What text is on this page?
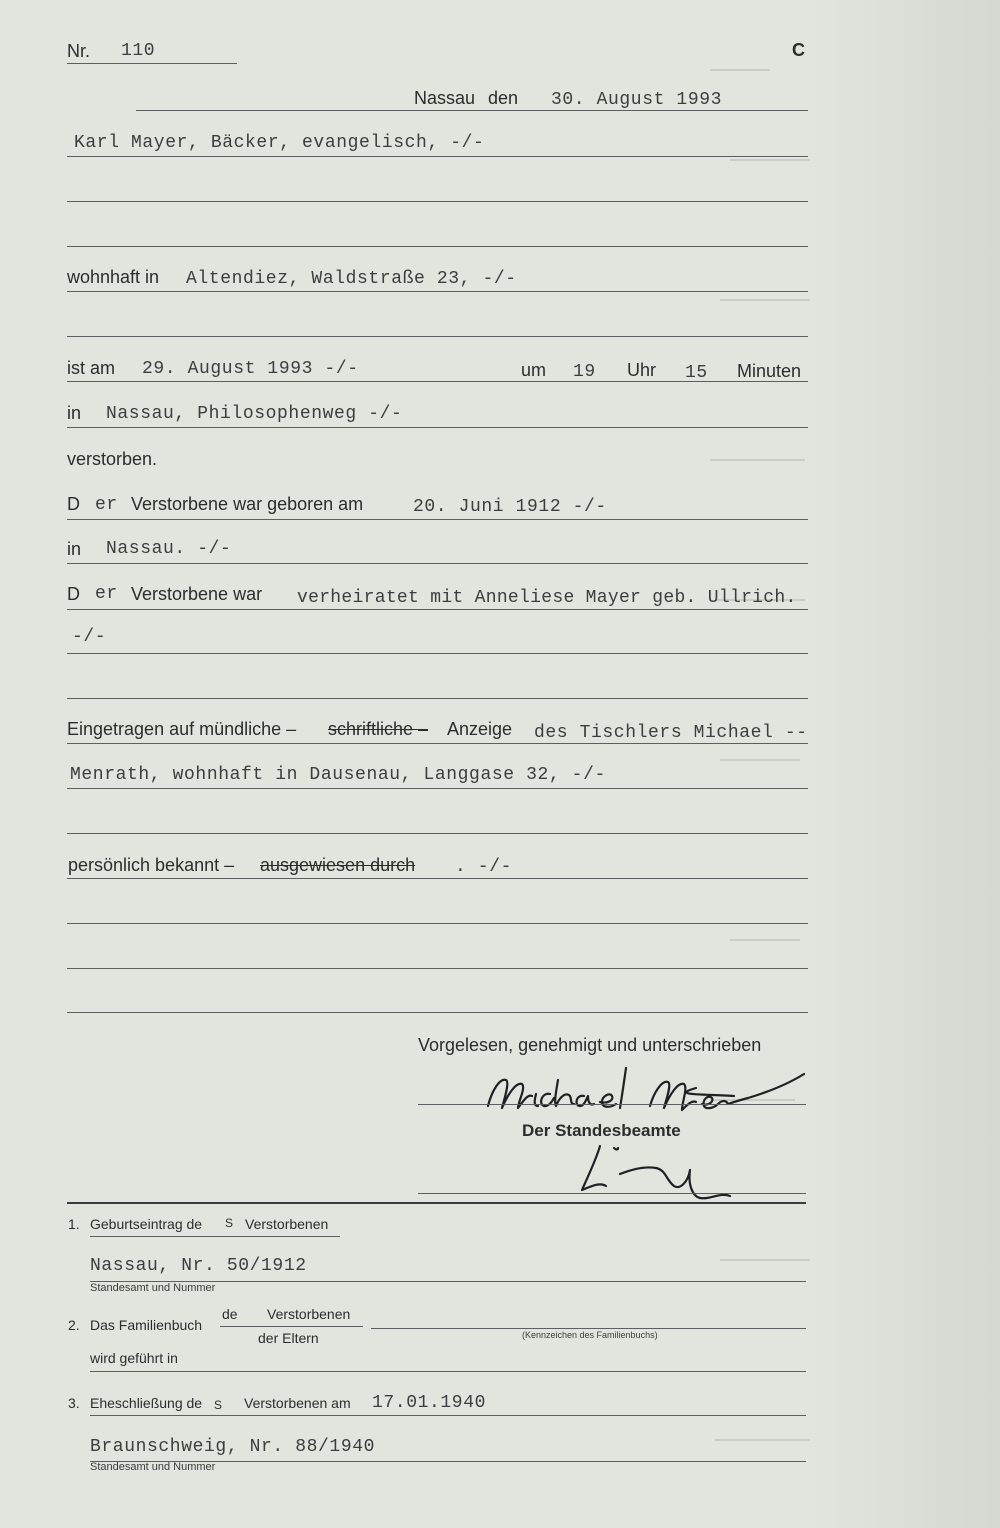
Nr. 110	C
Nassau den 30. August 1993
Karl Mayer, Bäcker, evangelisch, -/-
wohnhaft in Altendiez, Waldstraße 23, -/-
ist am 29. August 1993 -/-	um 19 Uhr 15 Minuten
in Nassau, Philosophenweg -/-
verstorben.
D er Verstorbene war geboren am	20. Juni 1912 -/-
in Nassau. -/-
D er Verstorbene war verheiratet mit Anneliese Mayer geb. Ullrich.
-/-
Eingetragen auf mündliche – schriftliche – Anzeige des Tischlers Michael --
Menrath, wohnhaft in Dausenau, Langgase 32, -/-
persönlich bekannt – ausgewiesen durch . -/-
Vorgelesen, genehmigt und unterschrieben
Der Standesbeamte
1. Geburtseintrag de S Verstorbenen
Nassau, Nr. 50/1912
Standesamt und Nummer
2. Das Familienbuch
de Verstorbenen
der Eltern	(Kennzeichen des Familienbuchs)
wird geführt in
3. Eheschließung de S Verstorbenen am 17.01.1940
Braunschweig, Nr. 88/1940
Standesamt und Nummer
